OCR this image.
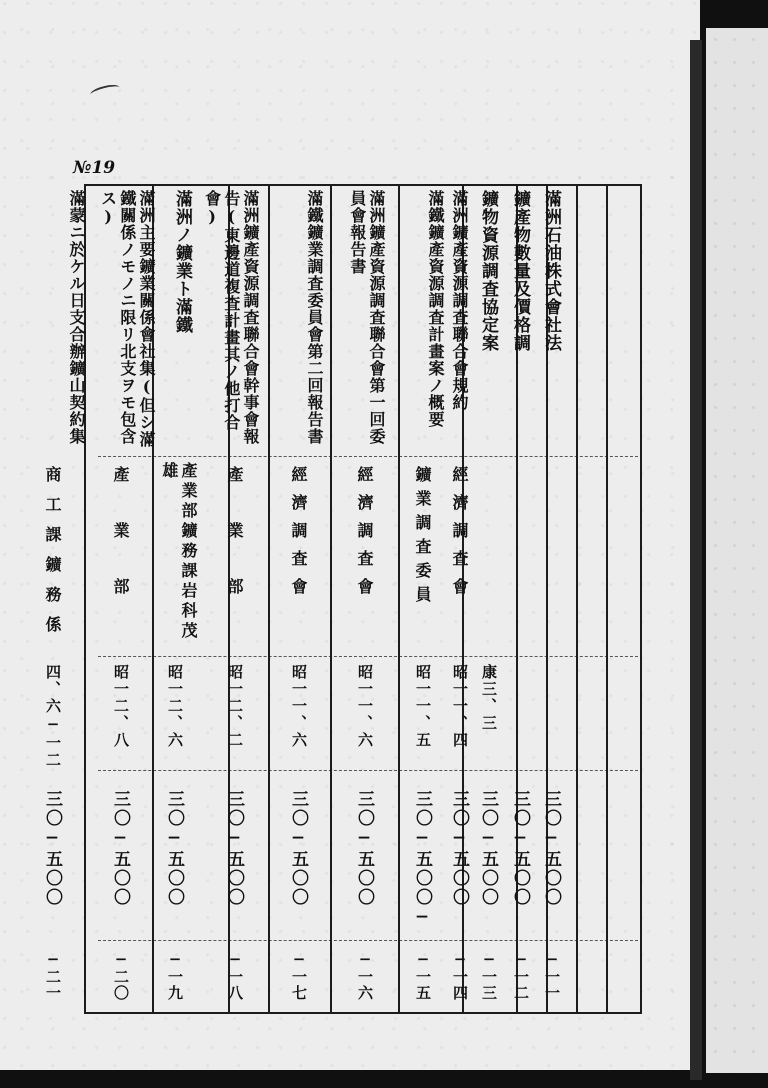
№19
滿洲石油株式會社法
三〇−五〇〇
−一一
鑛產物數量及價格調
三〇−五〇〇
−一二
鑛物資源調査協定案
康三、三
三〇−五〇〇
−一三
滿洲鑛產資源調査聯合會規約
經濟調査會
昭一一、四
三〇−五〇〇
−一四
滿鐵鑛產資源調査計畫案ノ概要
鑛業調査委員
昭一一、五
三〇−五〇〇−
−一五
滿洲鑛產資源調査聯合會第一回委員會報告書
經濟調査會
昭一一、六
三〇−五〇〇
−一六
滿鐵鑛業調査委員會第二回報告書
經濟調査會
昭一一、六
三〇−五〇〇
−一七
滿洲鑛產資源調査聯合會幹事會報告(東邊道複査計畫其ノ他打合會)
產業部
昭一二、二
三〇−五〇〇
−一八
滿洲ノ鑛業ト滿鐵
產業部鑛務課岩科茂雄
昭一二、六
三〇−五〇〇
−一九
滿洲主要鑛業關係會社集(但シ滿鐵關係ノモノニ限リ北支ヲモ包含ス)
產業部
昭一二、八
三〇−五〇〇
−二〇
滿蒙ニ於ケル日支合辦鑛山契約集
商工課鑛務係
四、六−一二
三〇−五〇〇
−二一
